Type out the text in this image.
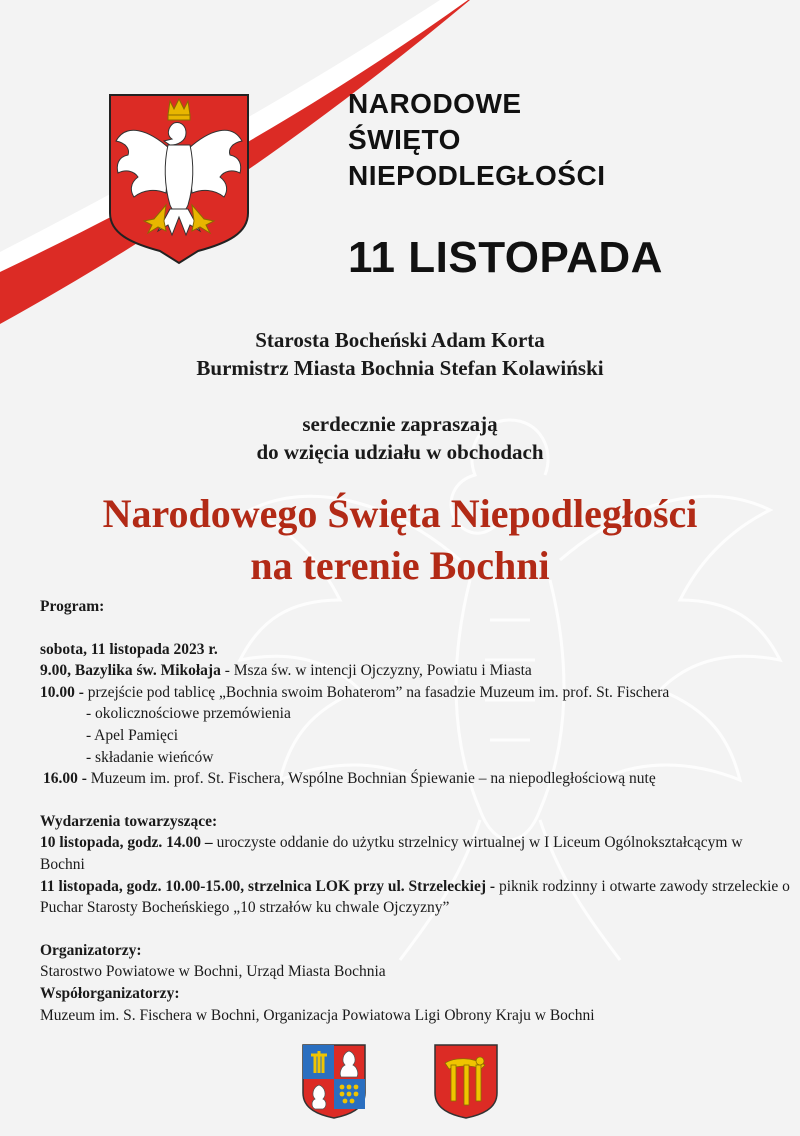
NARODOWE
ŚWIĘTO
NIEPODLEGŁOŚCI
11 LISTOPADA
Starosta Bocheński Adam Korta
Burmistrz Miasta Bochnia Stefan Kolawiński
serdecznie zapraszają
do wzięcia udziału w obchodach
Narodowego Święta Niepodległości
na terenie Bochni
Program:
sobota, 11 listopada 2023 r.
9.00, Bazylika św. Mikołaja - Msza św. w intencji Ojczyzny, Powiatu i Miasta
10.00 - przejście pod tablicę „Bochnia swoim Bohaterom” na fasadzie Muzeum im. prof. St. Fischera
- okolicznościowe przemówienia
- Apel Pamięci
- składanie wieńców
16.00 - Muzeum im. prof. St. Fischera, Wspólne Bochnian Śpiewanie – na niepodległościową nutę
Wydarzenia towarzyszące:
10 listopada, godz. 14.00 – uroczyste oddanie do użytku strzelnicy wirtualnej w I Liceum Ogólnokształcącym w Bochni
11 listopada, godz. 10.00-15.00, strzelnica LOK przy ul. Strzeleckiej - piknik rodzinny i otwarte zawody strzeleckie o Puchar Starosty Bocheńskiego „10 strzałów ku chwale Ojczyzny”
Organizatorzy:
Starostwo Powiatowe w Bochni, Urząd Miasta Bochnia
Współorganizatorzy:
Muzeum im. S. Fischera w Bochni, Organizacja Powiatowa Ligi Obrony Kraju w Bochni
